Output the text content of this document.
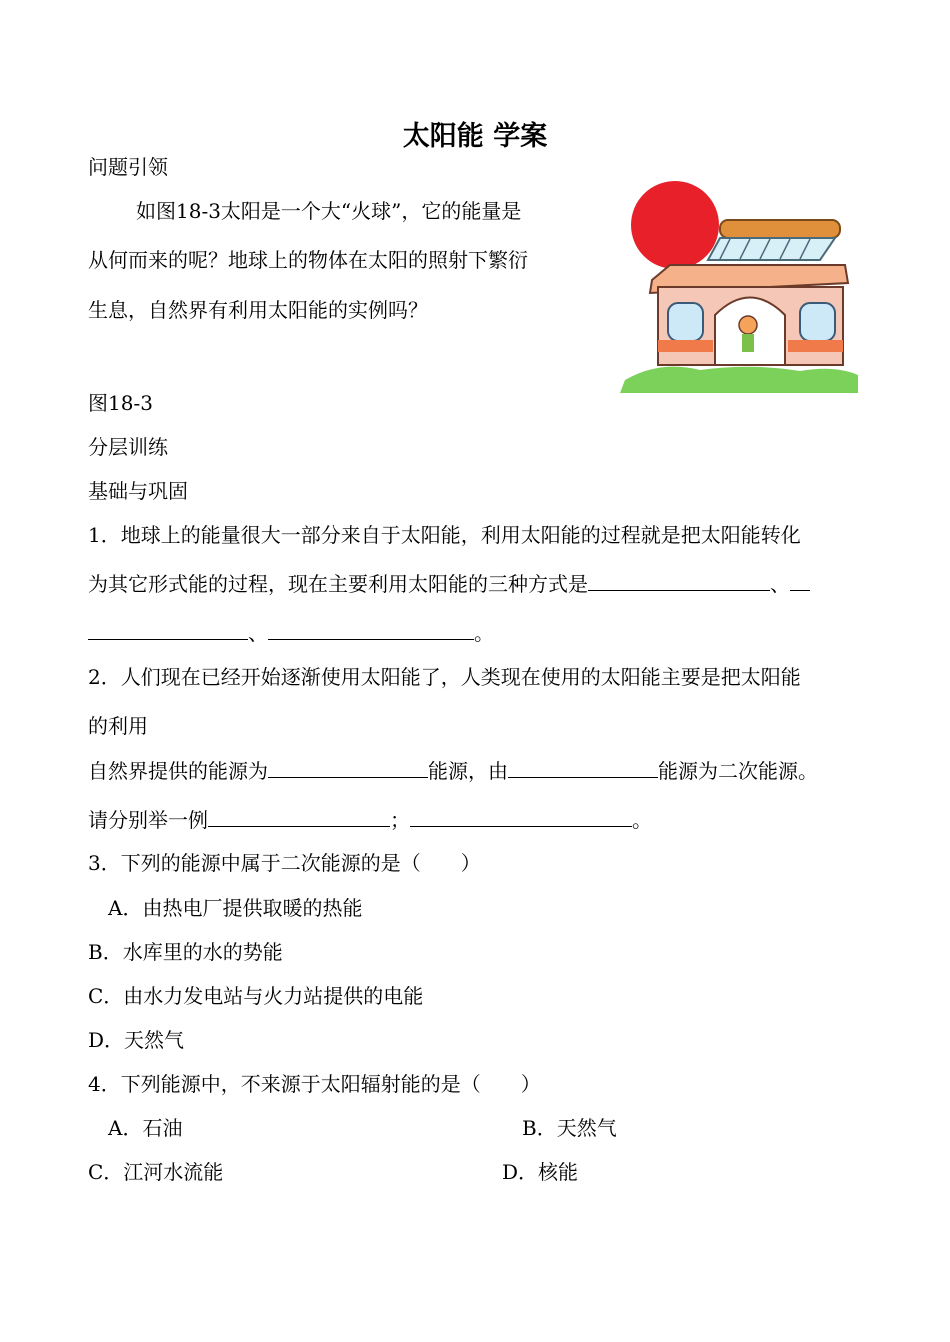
太阳能 学案
问题引领
如图18-3太阳是一个大“火球”，它的能量是
从何而来的呢？地球上的物体在太阳的照射下繁衍
生息，自然界有利用太阳能的实例吗？
图18-3
分层训练
基础与巩固
1．地球上的能量很大一部分来自于太阳能，利用太阳能的过程就是把太阳能转化
为其它形式能的过程，现在主要利用太阳能的三种方式是	、
、	。
2．人们现在已经开始逐渐使用太阳能了，人类现在使用的太阳能主要是把太阳能
的利用
自然界提供的能源为	能源，由	能源为二次能源。
请分别举一例	；	。
3．下列的能源中属于二次能源的是（　　）
A．由热电厂提供取暖的热能
B．水库里的水的势能
C．由水力发电站与火力站提供的电能
D．天然气
4．下列能源中，不来源于太阳辐射能的是（　　）
A．石油	B．天然气
C．江河水流能	D．核能
